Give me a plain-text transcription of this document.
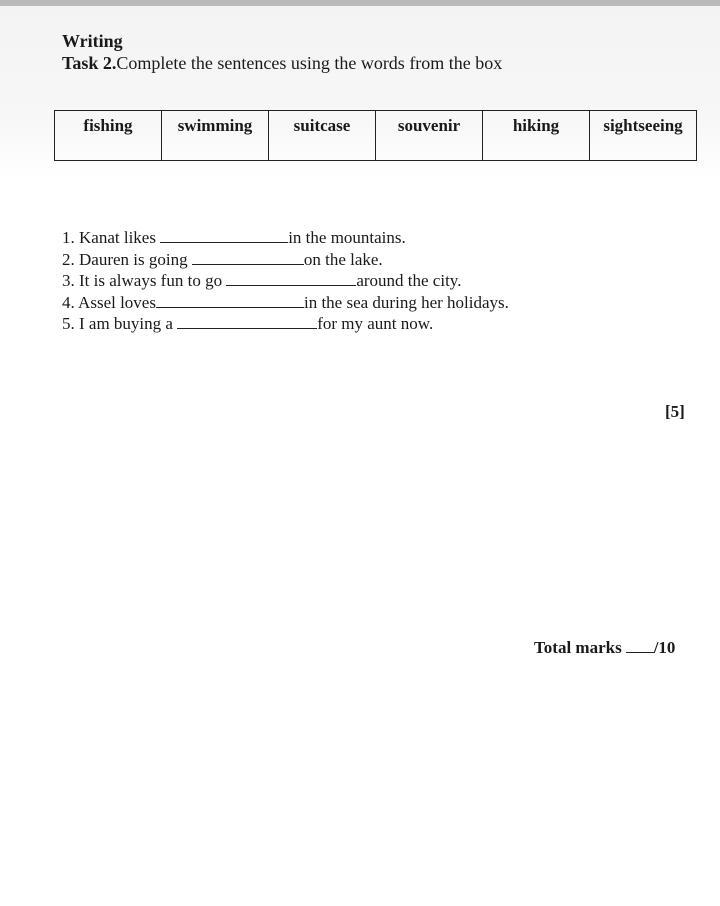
Writing
Task 2.Complete the sentences using the words from the box
fishing	swimming	suitcase	souvenir	hiking	sightseeing
1. Kanat likes	in the mountains.
2. Dauren is going	on the lake.
3. It is always fun to go	around the city.
4. Assel loves	in the sea during her holidays.
5. I am buying a	for my aunt now.
[5]
Total marks /10
